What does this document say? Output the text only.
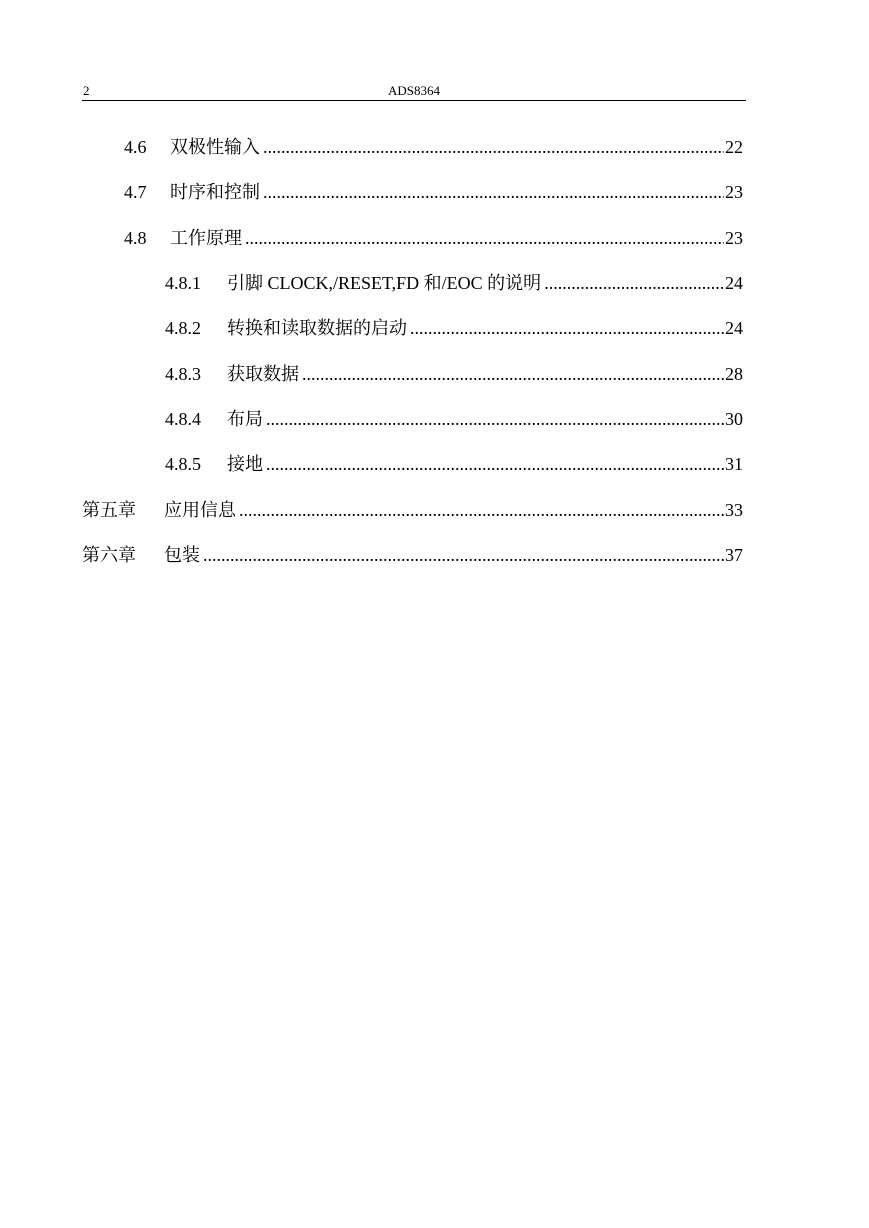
2	ADS8364
4.6	双极性输入 .....	22
4.7	时序和控制 .....	23
4.8	工作原理 .....	23
4.8.1	引脚 CLOCK,/RESET,FD 和/EOC 的说明 .....	24
4.8.2	转换和读取数据的启动 .....	24
4.8.3	获取数据 .....	28
4.8.4	布局 .....	30
4.8.5	接地 .....	31
第五章	应用信息 .....	33
第六章	包装 .....	37
